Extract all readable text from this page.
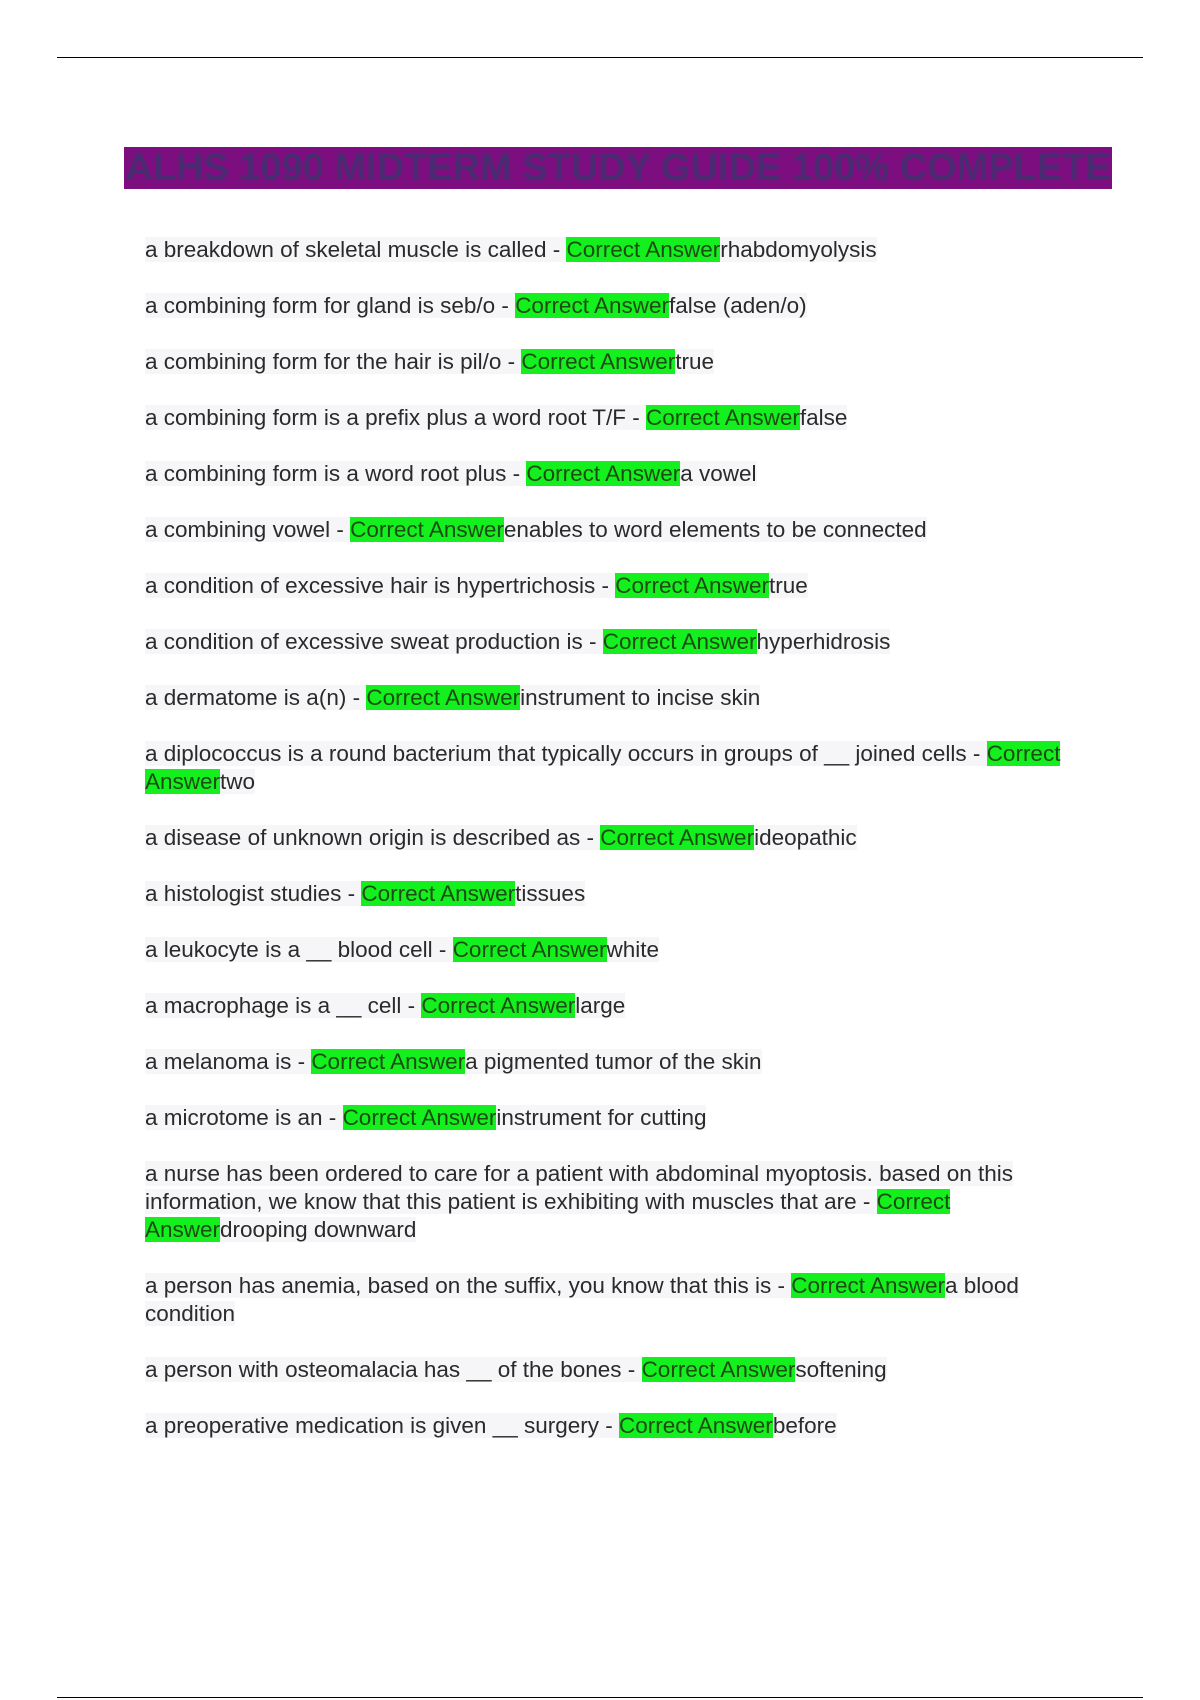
ALHS 1090 MIDTERM STUDY GUIDE 100% COMPLETE

a breakdown of skeletal muscle is called - Correct Answerrhabdomyolysis

a combining form for gland is seb/o - Correct Answerfalse (aden/o)

a combining form for the hair is pil/o - Correct Answertrue

a combining form is a prefix plus a word root T/F - Correct Answerfalse

a combining form is a word root plus - Correct Answera vowel

a combining vowel - Correct Answerenables to word elements to be connected

a condition of excessive hair is hypertrichosis - Correct Answertrue

a condition of excessive sweat production is - Correct Answerhyperhidrosis

a dermatome is a(n) - Correct Answerinstrument to incise skin

a diplococcus is a round bacterium that typically occurs in groups of __ joined cells - Correct Answertwo

a disease of unknown origin is described as - Correct Answerideopathic

a histologist studies - Correct Answertissues

a leukocyte is a __ blood cell - Correct Answerwhite

a macrophage is a __ cell - Correct Answerlarge

a melanoma is - Correct Answera pigmented tumor of the skin

a microtome is an - Correct Answerinstrument for cutting

a nurse has been ordered to care for a patient with abdominal myoptosis. based on this information, we know that this patient is exhibiting with muscles that are - Correct Answerdrooping downward

a person has anemia, based on the suffix, you know that this is - Correct Answera blood condition

a person with osteomalacia has __ of the bones - Correct Answersoftening

a preoperative medication is given __ surgery - Correct Answerbefore
